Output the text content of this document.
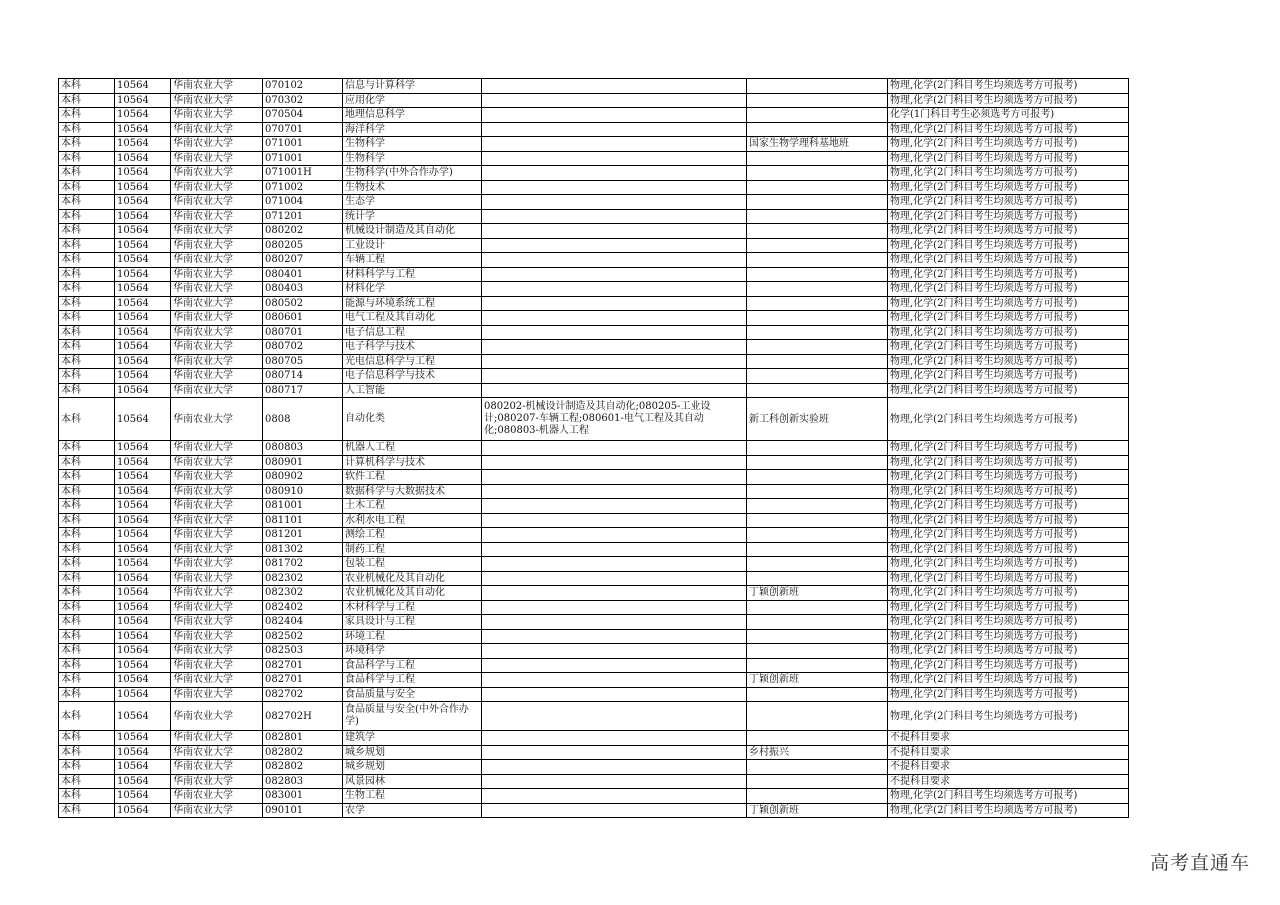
本科	10564	华南农业大学	070102	信息与计算科学			物理,化学(2门科目考生均须选考方可报考)
本科	10564	华南农业大学	070302	应用化学			物理,化学(2门科目考生均须选考方可报考)
本科	10564	华南农业大学	070504	地理信息科学			化学(1门科目考生必须选考方可报考)
本科	10564	华南农业大学	070701	海洋科学			物理,化学(2门科目考生均须选考方可报考)
本科	10564	华南农业大学	071001	生物科学		国家生物学理科基地班	物理,化学(2门科目考生均须选考方可报考)
本科	10564	华南农业大学	071001	生物科学			物理,化学(2门科目考生均须选考方可报考)
本科	10564	华南农业大学	071001H	生物科学(中外合作办学)			物理,化学(2门科目考生均须选考方可报考)
本科	10564	华南农业大学	071002	生物技术			物理,化学(2门科目考生均须选考方可报考)
本科	10564	华南农业大学	071004	生态学			物理,化学(2门科目考生均须选考方可报考)
本科	10564	华南农业大学	071201	统计学			物理,化学(2门科目考生均须选考方可报考)
本科	10564	华南农业大学	080202	机械设计制造及其自动化			物理,化学(2门科目考生均须选考方可报考)
本科	10564	华南农业大学	080205	工业设计			物理,化学(2门科目考生均须选考方可报考)
本科	10564	华南农业大学	080207	车辆工程			物理,化学(2门科目考生均须选考方可报考)
本科	10564	华南农业大学	080401	材料科学与工程			物理,化学(2门科目考生均须选考方可报考)
本科	10564	华南农业大学	080403	材料化学			物理,化学(2门科目考生均须选考方可报考)
本科	10564	华南农业大学	080502	能源与环境系统工程			物理,化学(2门科目考生均须选考方可报考)
本科	10564	华南农业大学	080601	电气工程及其自动化			物理,化学(2门科目考生均须选考方可报考)
本科	10564	华南农业大学	080701	电子信息工程			物理,化学(2门科目考生均须选考方可报考)
本科	10564	华南农业大学	080702	电子科学与技术			物理,化学(2门科目考生均须选考方可报考)
本科	10564	华南农业大学	080705	光电信息科学与工程			物理,化学(2门科目考生均须选考方可报考)
本科	10564	华南农业大学	080714	电子信息科学与技术			物理,化学(2门科目考生均须选考方可报考)
本科	10564	华南农业大学	080717	人工智能			物理,化学(2门科目考生均须选考方可报考)
本科	10564	华南农业大学	0808	自动化类	080202-机械设计制造及其自动化;080205-工业设计;080207-车辆工程;080601-电气工程及其自动化;080803-机器人工程	新工科创新实验班	物理,化学(2门科目考生均须选考方可报考)
本科	10564	华南农业大学	080803	机器人工程			物理,化学(2门科目考生均须选考方可报考)
本科	10564	华南农业大学	080901	计算机科学与技术			物理,化学(2门科目考生均须选考方可报考)
本科	10564	华南农业大学	080902	软件工程			物理,化学(2门科目考生均须选考方可报考)
本科	10564	华南农业大学	080910	数据科学与大数据技术			物理,化学(2门科目考生均须选考方可报考)
本科	10564	华南农业大学	081001	土木工程			物理,化学(2门科目考生均须选考方可报考)
本科	10564	华南农业大学	081101	水利水电工程			物理,化学(2门科目考生均须选考方可报考)
本科	10564	华南农业大学	081201	测绘工程			物理,化学(2门科目考生均须选考方可报考)
本科	10564	华南农业大学	081302	制药工程			物理,化学(2门科目考生均须选考方可报考)
本科	10564	华南农业大学	081702	包装工程			物理,化学(2门科目考生均须选考方可报考)
本科	10564	华南农业大学	082302	农业机械化及其自动化			物理,化学(2门科目考生均须选考方可报考)
本科	10564	华南农业大学	082302	农业机械化及其自动化		丁颖创新班	物理,化学(2门科目考生均须选考方可报考)
本科	10564	华南农业大学	082402	木材科学与工程			物理,化学(2门科目考生均须选考方可报考)
本科	10564	华南农业大学	082404	家具设计与工程			物理,化学(2门科目考生均须选考方可报考)
本科	10564	华南农业大学	082502	环境工程			物理,化学(2门科目考生均须选考方可报考)
本科	10564	华南农业大学	082503	环境科学			物理,化学(2门科目考生均须选考方可报考)
本科	10564	华南农业大学	082701	食品科学与工程			物理,化学(2门科目考生均须选考方可报考)
本科	10564	华南农业大学	082701	食品科学与工程		丁颖创新班	物理,化学(2门科目考生均须选考方可报考)
本科	10564	华南农业大学	082702	食品质量与安全			物理,化学(2门科目考生均须选考方可报考)
本科	10564	华南农业大学	082702H	食品质量与安全(中外合作办学)			物理,化学(2门科目考生均须选考方可报考)
本科	10564	华南农业大学	082801	建筑学			不提科目要求
本科	10564	华南农业大学	082802	城乡规划		乡村振兴	不提科目要求
本科	10564	华南农业大学	082802	城乡规划			不提科目要求
本科	10564	华南农业大学	082803	风景园林			不提科目要求
本科	10564	华南农业大学	083001	生物工程			物理,化学(2门科目考生均须选考方可报考)
本科	10564	华南农业大学	090101	农学		丁颖创新班	物理,化学(2门科目考生均须选考方可报考)
高考直通车
